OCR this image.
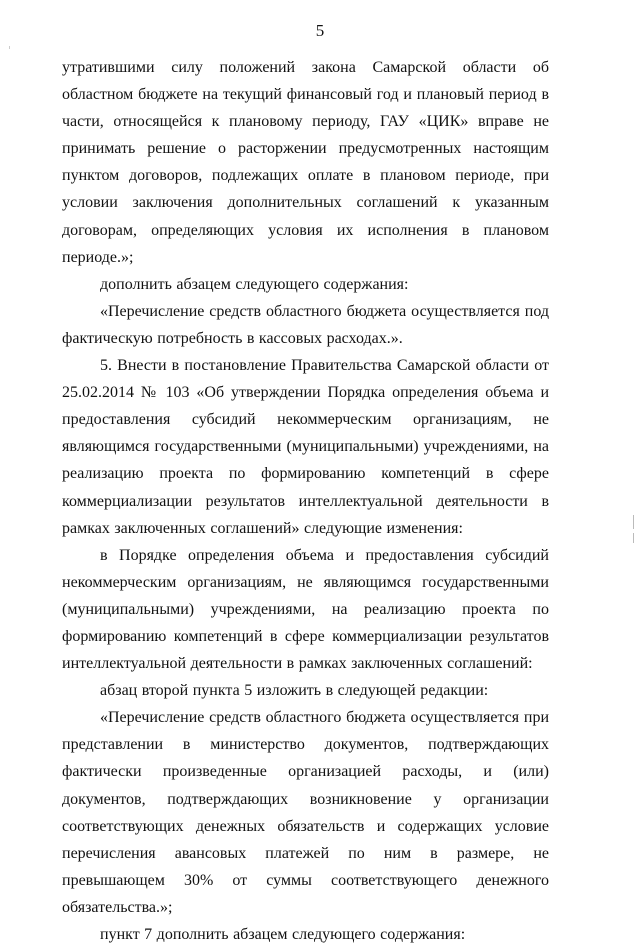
5

утратившими силу положений закона Самарской области об областном бюджете на текущий финансовый год и плановый период в части, относящейся к плановому периоду, ГАУ «ЦИК» вправе не принимать решение о расторжении предусмотренных настоящим пунктом договоров, подлежащих оплате в плановом периоде, при условии заключения дополнительных соглашений к указанным договорам, определяющих условия их исполнения в плановом периоде.»;

дополнить абзацем следующего содержания:

«Перечисление средств областного бюджета осуществляется под фактическую потребность в кассовых расходах.».

5. Внести в постановление Правительства Самарской области от 25.02.2014 № 103 «Об утверждении Порядка определения объема и предоставления субсидий некоммерческим организациям, не являющимся государственными (муниципальными) учреждениями, на реализацию проекта по формированию компетенций в сфере коммерциализации результатов интеллектуальной деятельности в рамках заключенных соглашений» следующие изменения:

в Порядке определения объема и предоставления субсидий некоммерческим организациям, не являющимся государственными (муниципальными) учреждениями, на реализацию проекта по формированию компетенций в сфере коммерциализации результатов интеллектуальной деятельности в рамках заключенных соглашений:

абзац второй пункта 5 изложить в следующей редакции:

«Перечисление средств областного бюджета осуществляется при представлении в министерство документов, подтверждающих фактически произведенные организацией расходы, и (или) документов, подтверждающих возникновение у организации соответствующих денежных обязательств и содержащих условие перечисления авансовых платежей по ним в размере, не превышающем 30% от суммы соответствующего денежного обязательства.»;

пункт 7 дополнить абзацем следующего содержания:
